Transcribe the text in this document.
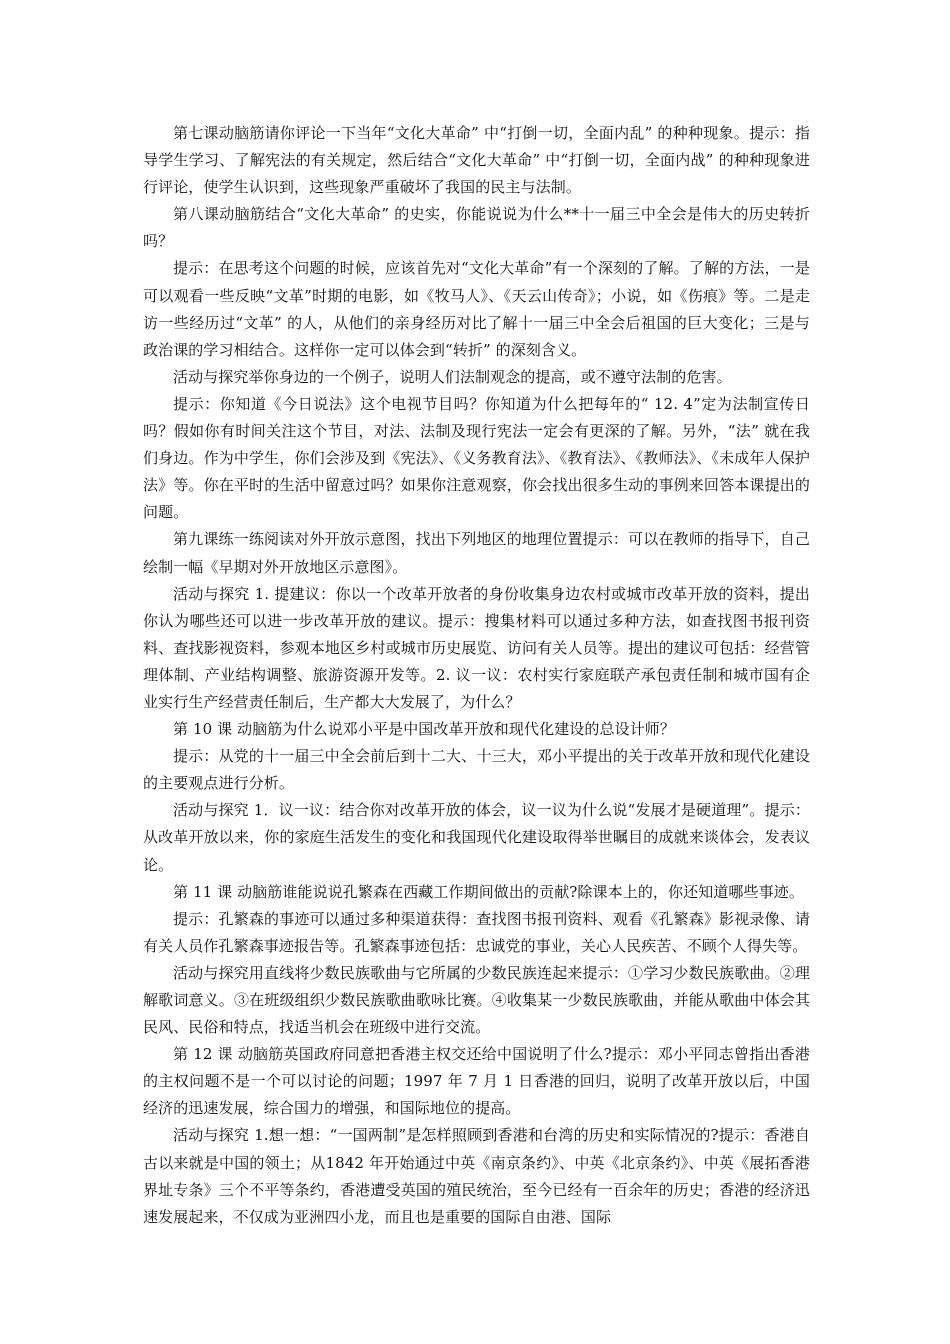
第七课动脑筋请你评论一下当年“文化大革命” 中“打倒一切，全面内乱” 的种种现象。提示：指导学生学习、了解宪法的有关规定，然后结合“文化大革命” 中“打倒一切，全面内战” 的种种现象进行评论，使学生认识到，这些现象严重破坏了我国的民主与法制。

第八课动脑筋结合“文化大革命” 的史实，你能说说为什么**十一届三中全会是伟大的历史转折吗？

提示：在思考这个问题的时候，应该首先对“文化大革命”有一个深刻的了解。了解的方法，一是可以观看一些反映“文革”时期的电影，如《牧马人》、《天云山传奇》；小说，如《伤痕》等。二是走访一些经历过“文革” 的人，从他们的亲身经历对比了解十一届三中全会后祖国的巨大变化；三是与政治课的学习相结合。这样你一定可以体会到“转折” 的深刻含义。

活动与探究举你身边的一个例子，说明人们法制观念的提高，或不遵守法制的危害。

提示：你知道《今日说法》这个电视节目吗？你知道为什么把每年的“ 12. 4”定为法制宣传日吗？假如你有时间关注这个节目，对法、法制及现行宪法一定会有更深的了解。另外，“法” 就在我们身边。作为中学生，你们会涉及到《宪法》、《义务教育法》、《教育法》、《教师法》、《未成年人保护法》等。你在平时的生活中留意过吗？如果你注意观察，你会找出很多生动的事例来回答本课提出的问题。

第九课练一练阅读对外开放示意图，找出下列地区的地理位置提示：可以在教师的指导下，自己绘制一幅《早期对外开放地区示意图》。

活动与探究 1. 提建议：你以一个改革开放者的身份收集身边农村或城市改革开放的资料，提出你认为哪些还可以进一步改革开放的建议。提示：搜集材料可以通过多种方法，如查找图书报刊资料、查找影视资料，参观本地区乡村或城市历史展览、访问有关人员等。提出的建议可包括：经营管理体制、产业结构调整、旅游资源开发等。2. 议一议：农村实行家庭联产承包责任制和城市国有企业实行生产经营责任制后，生产都大大发展了，为什么？

第 10 课 动脑筋为什么说邓小平是中国改革开放和现代化建设的总设计师？

提示：从党的十一届三中全会前后到十二大、十三大，邓小平提出的关于改革开放和现代化建设的主要观点进行分析。

活动与探究 1．议一议：结合你对改革开放的体会，议一议为什么说“发展才是硬道理”。提示：从改革开放以来，你的家庭生活发生的变化和我国现代化建设取得举世瞩目的成就来谈体会，发表议论。

第 11 课 动脑筋谁能说说孔繁森在西藏工作期间做出的贡献?除课本上的，你还知道哪些事迹。

提示：孔繁森的事迹可以通过多种渠道获得：查找图书报刊资料、观看《孔繁森》影视录像、请有关人员作孔繁森事迹报告等。孔繁森事迹包括：忠诚党的事业，关心人民疾苦、不顾个人得失等。

活动与探究用直线将少数民族歌曲与它所属的少数民族连起来提示：①学习少数民族歌曲。②理解歌词意义。③在班级组织少数民族歌曲歌咏比赛。④收集某一少数民族歌曲，并能从歌曲中体会其民风、民俗和特点，找适当机会在班级中进行交流。

第 12 课 动脑筋英国政府同意把香港主权交还给中国说明了什么?提示：邓小平同志曾指出香港的主权问题不是一个可以讨论的问题；1997 年 7 月 1 日香港的回归，说明了改革开放以后，中国经济的迅速发展，综合国力的增强，和国际地位的提高。

活动与探究 1.想一想：“一国两制”是怎样照顾到香港和台湾的历史和实际情况的?提示：香港自古以来就是中国的领土；从1842 年开始通过中英《南京条约》、中英《北京条约》、中英《展拓香港界址专条》三个不平等条约，香港遭受英国的殖民统治，至今已经有一百余年的历史；香港的经济迅速发展起来，不仅成为亚洲四小龙，而且也是重要的国际自由港、国际
